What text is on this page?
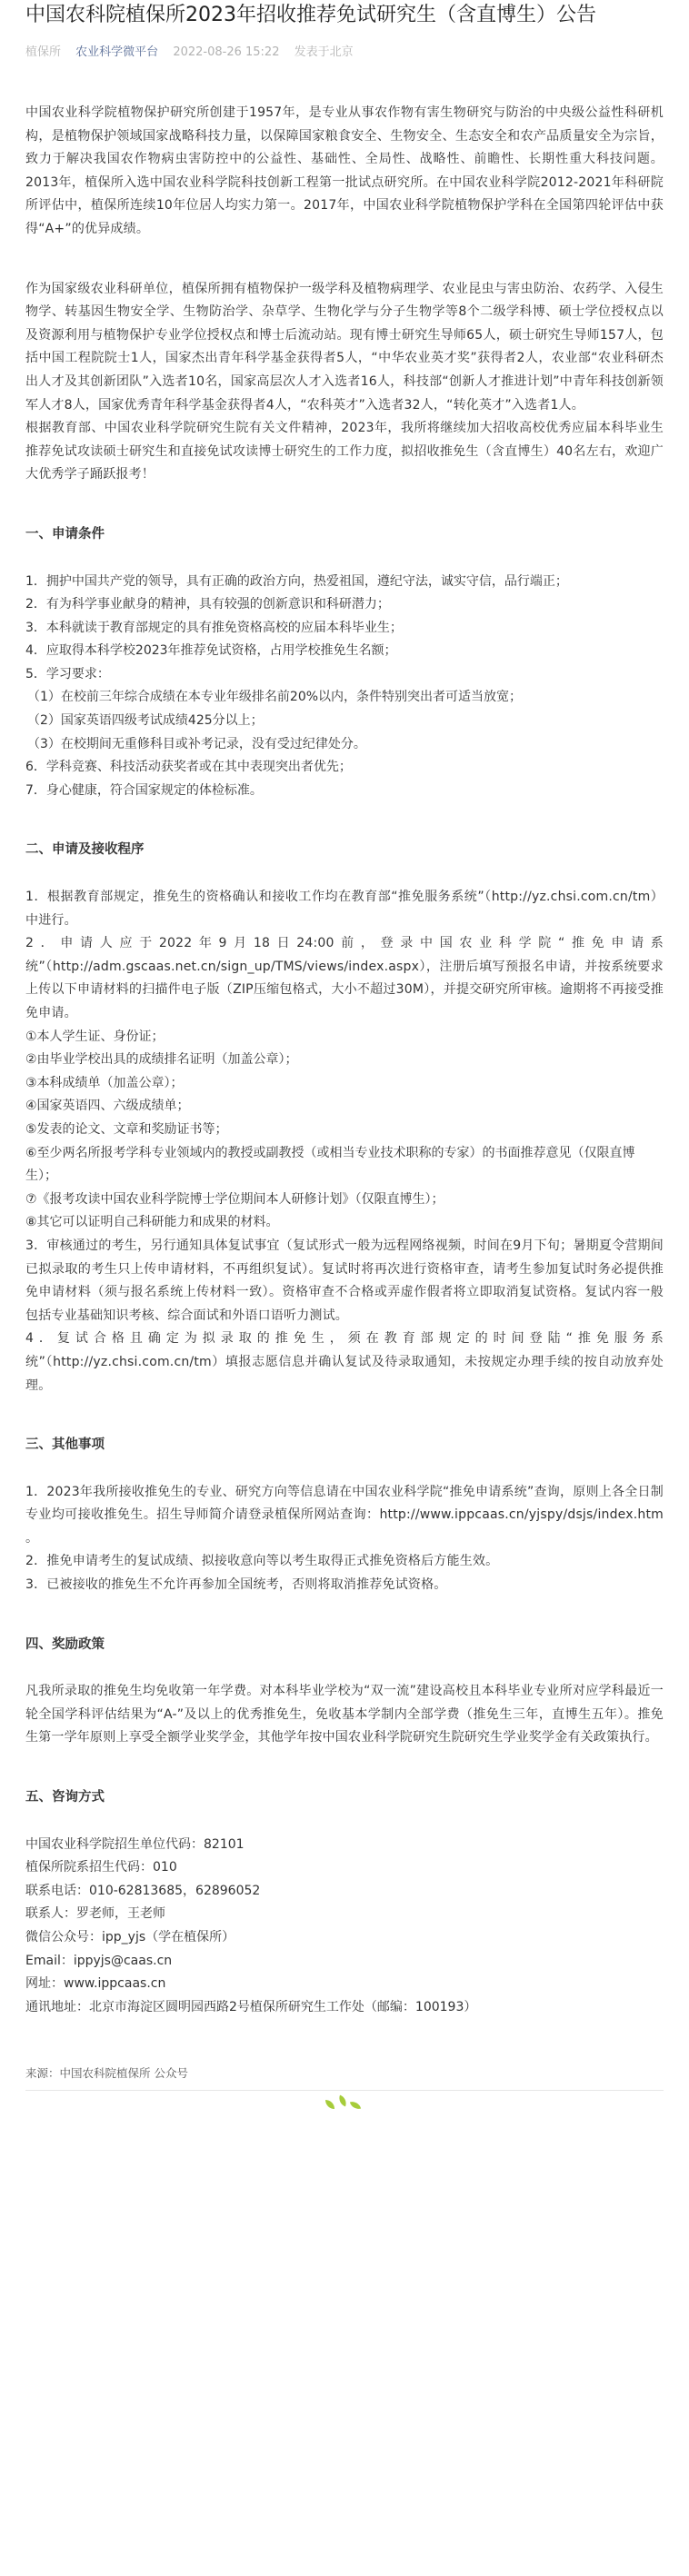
中国农科院植保所2023年招收推荐免试研究生（含直博生）公告
植保所 农业科学微平台 2022-08-26 15:22 发表于北京

中国农业科学院植物保护研究所创建于1957年，是专业从事农作物有害生物研究与防治的中央级公益性科研机构，是植物保护领域国家战略科技力量，以保障国家粮食安全、生物安全、生态安全和农产品质量安全为宗旨，致力于解决我国农作物病虫害防控中的公益性、基础性、全局性、战略性、前瞻性、长期性重大科技问题。2013年，植保所入选中国农业科学院科技创新工程第一批试点研究所。在中国农业科学院2012-2021年科研院所评估中，植保所连续10年位居人均实力第一。2017年，中国农业科学院植物保护学科在全国第四轮评估中获得“A+”的优异成绩。

作为国家级农业科研单位，植保所拥有植物保护一级学科及植物病理学、农业昆虫与害虫防治、农药学、入侵生物学、转基因生物安全学、生物防治学、杂草学、生物化学与分子生物学等8个二级学科博、硕士学位授权点以及资源利用与植物保护专业学位授权点和博士后流动站。现有博士研究生导师65人，硕士研究生导师157人，包括中国工程院院士1人，国家杰出青年科学基金获得者5人，“中华农业英才奖”获得者2人，农业部“农业科研杰出人才及其创新团队”入选者10名，国家高层次人才入选者16人，科技部“创新人才推进计划”中青年科技创新领军人才8人，国家优秀青年科学基金获得者4人，“农科英才”入选者32人，“转化英才”入选者1人。

根据教育部、中国农业科学院研究生院有关文件精神，2023年，我所将继续加大招收高校优秀应届本科毕业生推荐免试攻读硕士研究生和直接免试攻读博士研究生的工作力度，拟招收推免生（含直博生）40名左右，欢迎广大优秀学子踊跃报考！

一、申请条件

1．拥护中国共产党的领导，具有正确的政治方向，热爱祖国，遵纪守法，诚实守信，品行端正；

2．有为科学事业献身的精神，具有较强的创新意识和科研潜力；

3．本科就读于教育部规定的具有推免资格高校的应届本科毕业生；

4．应取得本科学校2023年推荐免试资格，占用学校推免生名额；

5．学习要求：

（1）在校前三年综合成绩在本专业年级排名前20%以内，条件特别突出者可适当放宽；

（2）国家英语四级考试成绩425分以上；

（3）在校期间无重修科目或补考记录，没有受过纪律处分。

6．学科竞赛、科技活动获奖者或在其中表现突出者优先；

7．身心健康，符合国家规定的体检标准。

二、申请及接收程序

1．根据教育部规定，推免生的资格确认和接收工作均在教育部“推免服务系统”（http://yz.chsi.com.cn/tm）中进行。

2．申请人应于2022年9月18日24:00前，登录中国农业科学院“推免申请系统”（http://adm.gscaas.net.cn/sign_up/TMS/views/index.aspx），注册后填写预报名申请，并按系统要求上传以下申请材料的扫描件电子版（ZIP压缩包格式，大小不超过30M），并提交研究所审核。逾期将不再接受推免申请。

①本人学生证、身份证；

②由毕业学校出具的成绩排名证明（加盖公章）；

③本科成绩单（加盖公章）；

④国家英语四、六级成绩单；

⑤发表的论文、文章和奖励证书等；

⑥至少两名所报考学科专业领域内的教授或副教授（或相当专业技术职称的专家）的书面推荐意见（仅限直博生）；

⑦《报考攻读中国农业科学院博士学位期间本人研修计划》（仅限直博生）；

⑧其它可以证明自己科研能力和成果的材料。

3．审核通过的考生，另行通知具体复试事宜（复试形式一般为远程网络视频，时间在9月下旬；暑期夏令营期间已拟录取的考生只上传申请材料，不再组织复试）。复试时将再次进行资格审查，请考生参加复试时务必提供推免申请材料（须与报名系统上传材料一致）。资格审查不合格或弄虚作假者将立即取消复试资格。复试内容一般包括专业基础知识考核、综合面试和外语口语听力测试。

4．复试合格且确定为拟录取的推免生，须在教育部规定的时间登陆“推免服务系统”（http://yz.chsi.com.cn/tm）填报志愿信息并确认复试及待录取通知，未按规定办理手续的按自动放弃处理。

三、其他事项

1．2023年我所接收推免生的专业、研究方向等信息请在中国农业科学院“推免申请系统”查询，原则上各全日制专业均可接收推免生。招生导师简介请登录植保所网站查询：http://www.ippcaas.cn/yjspy/dsjs/index.htm 。

2．推免申请考生的复试成绩、拟接收意向等以考生取得正式推免资格后方能生效。

3．已被接收的推免生不允许再参加全国统考，否则将取消推荐免试资格。

四、奖励政策

凡我所录取的推免生均免收第一年学费。对本科毕业学校为“双一流”建设高校且本科毕业专业所对应学科最近一轮全国学科评估结果为“A-”及以上的优秀推免生，免收基本学制内全部学费（推免生三年，直博生五年）。推免生第一学年原则上享受全额学业奖学金，其他学年按中国农业科学院研究生院研究生学业奖学金有关政策执行。

五、咨询方式

中国农业科学院招生单位代码：82101

植保所院系招生代码：010

联系电话：010-62813685，62896052

联系人：罗老师，王老师

微信公众号：ipp_yjs（学在植保所）

Email：ippyjs@caas.cn

网址：www.ippcaas.cn

通讯地址：北京市海淀区圆明园西路2号植保所研究生工作处（邮编：100193）

来源：中国农科院植保所 公众号
